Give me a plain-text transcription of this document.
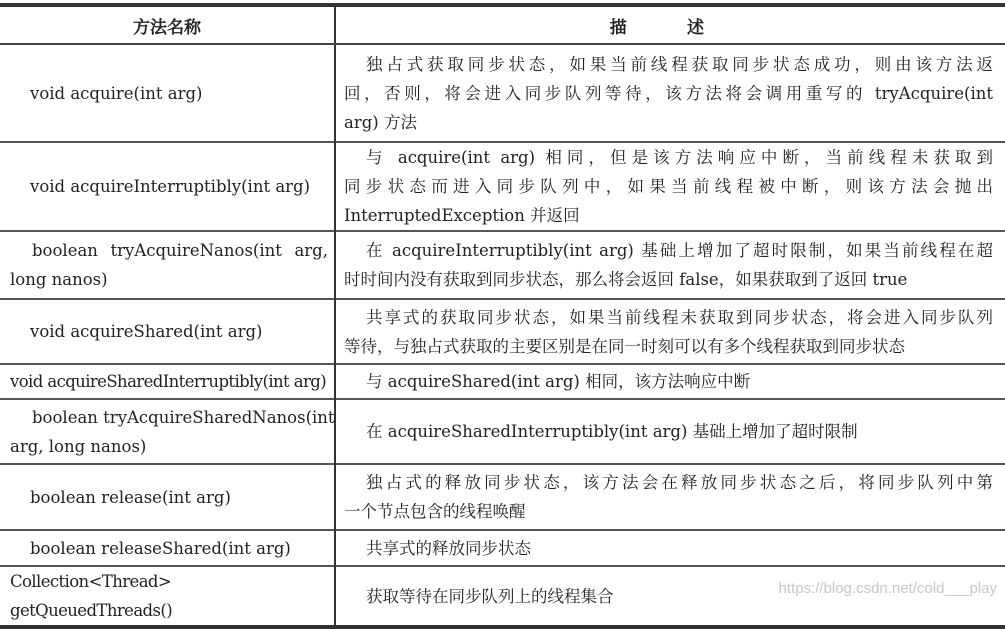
方法名称	描 述

void acquire(int arg)	独占式获取同步状态，如果当前线程获取同步状态成功，则由该方法返
回，否则，将会进入同步队列等待，该方法将会调用重写的 tryAcquire(int
arg) 方法

void acquireInterruptibly(int arg)	与 acquire(int arg) 相同，但是该方法响应中断，当前线程未获取到
同步状态而进入同步队列中，如果当前线程被中断，则该方法会抛出
InterruptedException 并返回

boolean tryAcquireNanos(int arg,
long nanos)	在 acquireInterruptibly(int arg) 基础上增加了超时限制，如果当前线程在超
时时间内没有获取到同步状态，那么将会返回 false，如果获取到了返回 true

void acquireShared(int arg)	共享式的获取同步状态，如果当前线程未获取到同步状态，将会进入同步队列
等待，与独占式获取的主要区别是在同一时刻可以有多个线程获取到同步状态

void acquireSharedInterruptibly(int arg)	与 acquireShared(int arg) 相同，该方法响应中断

boolean tryAcquireSharedNanos(int
arg, long nanos)	在 acquireSharedInterruptibly(int arg) 基础上增加了超时限制

boolean release(int arg)	独占式的释放同步状态，该方法会在释放同步状态之后，将同步队列中第
一个节点包含的线程唤醒

boolean releaseShared(int arg)	共享式的释放同步状态

Collection<Thread> getQueuedThreads()	获取等待在同步队列上的线程集合	https://blog.csdn.net/cold___play
